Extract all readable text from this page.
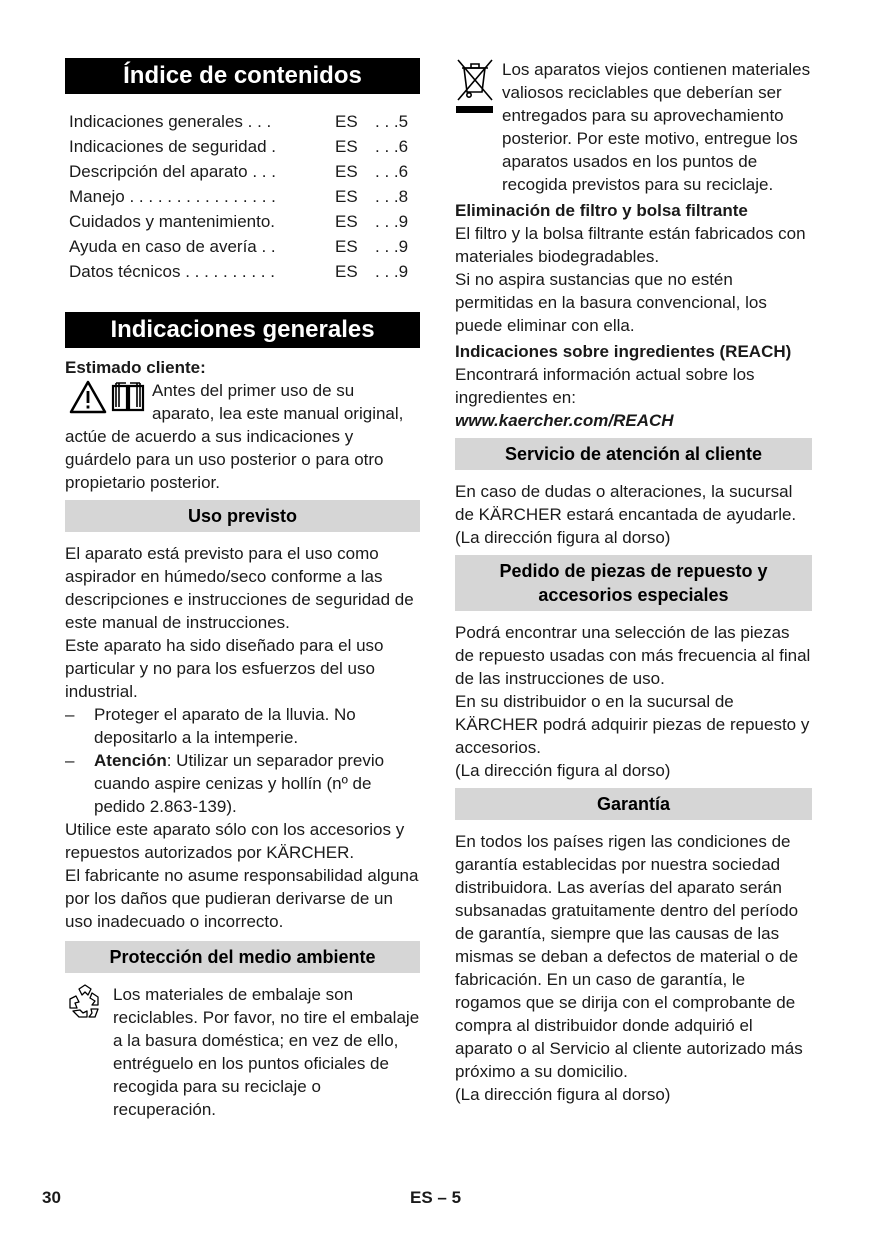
Índice de contenidos
Indicaciones generales . . .	ES	. . .5
Indicaciones de seguridad .	ES	. . .6
Descripción del aparato . . .	ES	. . .6
Manejo . . . . . . . . . . . . . . . .	ES	. . .8
Cuidados y mantenimiento.	ES	. . .9
Ayuda en caso de avería . .	ES	. . .9
Datos técnicos . . . . . . . . . .	ES	. . .9
Indicaciones generales

Estimado cliente:

Antes del primer uso de su aparato, lea este manual original, actúe de acuerdo a sus indicaciones y guárdelo para un uso posterior o para otro propietario posterior.

Uso previsto

El aparato está previsto para el uso como aspirador en húmedo/seco conforme a las descripciones e instrucciones de seguridad de este manual de instrucciones.

Este aparato ha sido diseñado para el uso particular y no para los esfuerzos del uso industrial.

–	Proteger el aparato de la lluvia. No depositarlo a la intemperie.
–	Atención: Utilizar un separador previo cuando aspire cenizas y hollín (nº de pedido 2.863-139).

Utilice este aparato sólo con los accesorios y repuestos autorizados por KÄRCHER.

El fabricante no asume responsabilidad alguna por los daños que pudieran derivarse de un uso inadecuado o incorrecto.

Protección del medio ambiente

Los materiales de embalaje son reciclables. Por favor, no tire el embalaje a la basura doméstica; en vez de ello, entréguelo en los puntos oficiales de recogida para su reciclaje o recuperación.

Los aparatos viejos contienen materiales valiosos reciclables que deberían ser entregados para su aprovechamiento posterior. Por este motivo, entregue los aparatos usados en los puntos de recogida previstos para su reciclaje.

Eliminación de filtro y bolsa filtrante

El filtro y la bolsa filtrante están fabricados con materiales biodegradables.

Si no aspira sustancias que no estén permitidas en la basura convencional, los puede eliminar con ella.

Indicaciones sobre ingredientes (REACH)

Encontrará información actual sobre los ingredientes en:

www.kaercher.com/REACH

Servicio de atención al cliente

En caso de dudas o alteraciones, la sucursal de KÄRCHER estará encantada de ayudarle.

(La dirección figura al dorso)

Pedido de piezas de repuesto y accesorios especiales

Podrá encontrar una selección de las piezas de repuesto usadas con más frecuencia al final de las instrucciones de uso.

En su distribuidor o en la sucursal de KÄRCHER podrá adquirir piezas de repuesto y accesorios.

(La dirección figura al dorso)

Garantía

En todos los países rigen las condiciones de garantía establecidas por nuestra sociedad distribuidora. Las averías del aparato serán subsanadas gratuitamente dentro del período de garantía, siempre que las causas de las mismas se deban a defectos de material o de fabricación. En un caso de garantía, le rogamos que se dirija con el comprobante de compra al distribuidor donde adquirió el aparato o al Servicio al cliente autorizado más próximo a su domicilio.

(La dirección figura al dorso)

30	ES – 5
